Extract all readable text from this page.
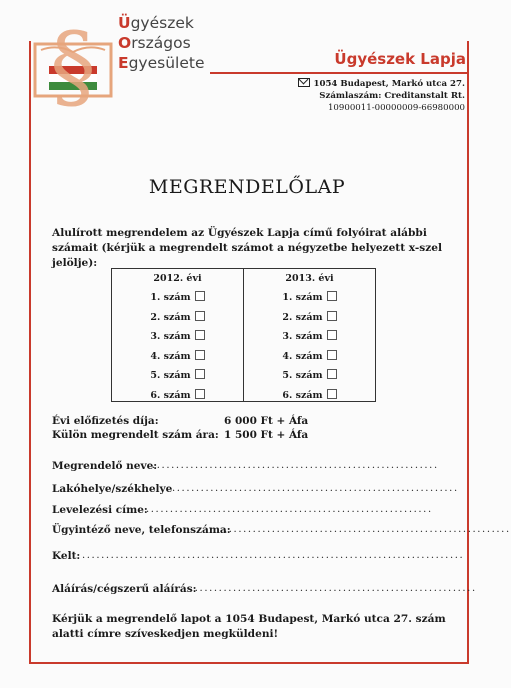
§ Ügyészek
Országos
Egyesülete	Ügyészek Lapja
1054 Budapest, Markó utca 27.
Számlaszám: Creditanstalt Rt.
10900011-00000009-66980000
MEGRENDELŐLAP
Alulírott megrendelem az Ügyészek Lapja című folyóirat alábbi számait (kérjük a megrendelt számot a négyzetbe helyezett x-szel jelölje):
2012. évi
1. szám
2. szám
3. szám
4. szám
5. szám
6. szám
2013. évi
1. szám
2. szám
3. szám
4. szám
5. szám
6. szám
Évi előfizetés díja:	6 000 Ft + Áfa
Külön megrendelt szám ára: 1 500 Ft + Áfa
Megrendelő neve:
............................................................
Lakóhelye/székhelye ............................................................
Levelezési címe:
............................................................
Ügyintéző neve, telefonszáma:
............................................................
Kelt: ................................................................................
Aláírás/cégszerű aláírás:
............................................................
Kérjük a megrendelő lapot a 1054 Budapest, Markó utca 27. szám alatti címre szíveskedjen megküldeni!
